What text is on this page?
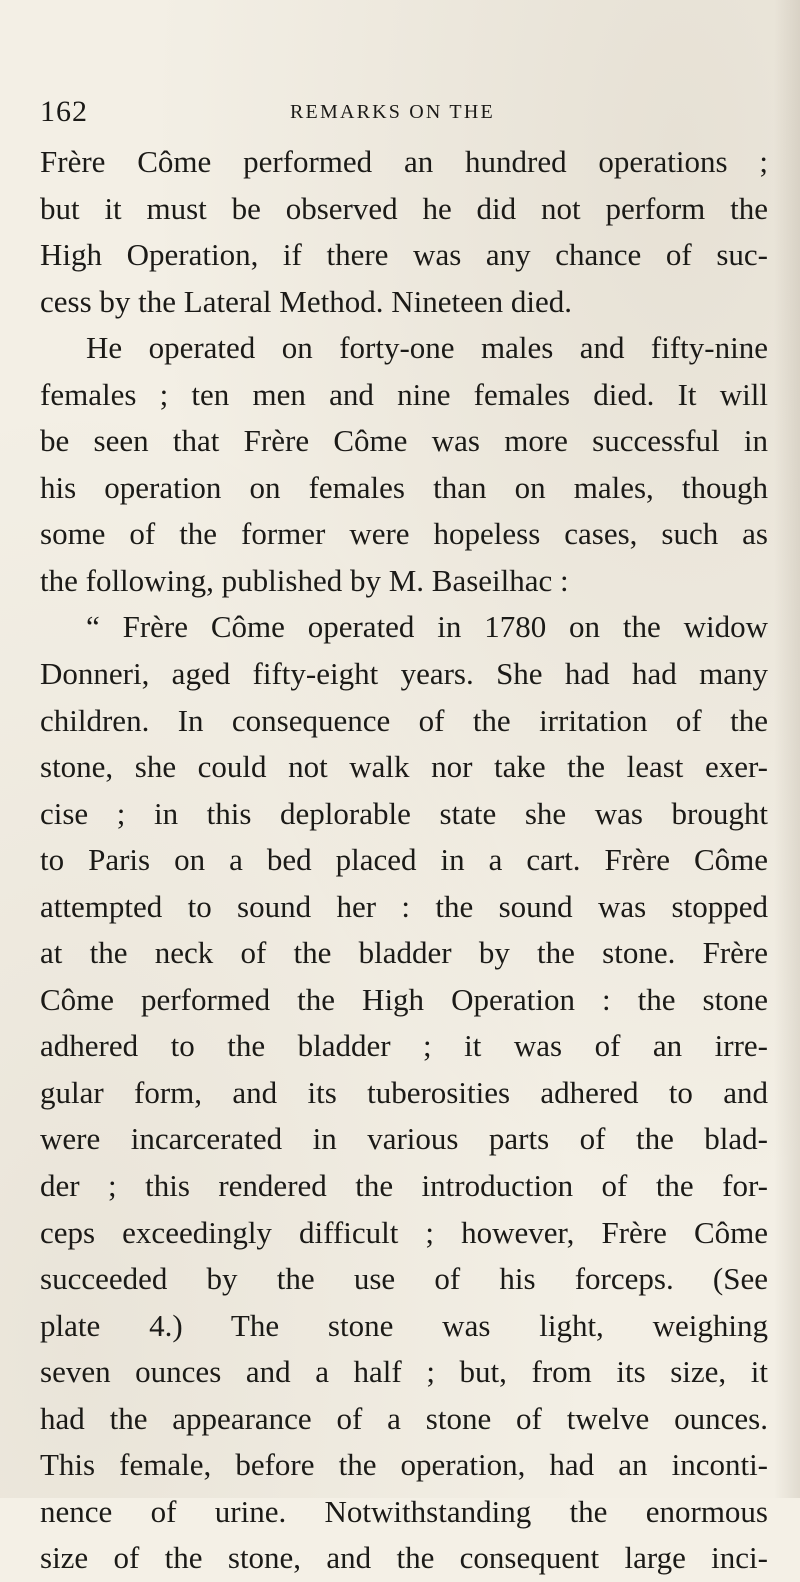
162	REMARKS ON THE
Frère Côme performed an hundred operations ;
but it must be observed he did not perform the
High Operation, if there was any chance of suc-
cess by the Lateral Method. Nineteen died.
He operated on forty-one males and fifty-nine
females ; ten men and nine females died. It will
be seen that Frère Côme was more successful in
his operation on females than on males, though
some of the former were hopeless cases, such as
the following, published by M. Baseilhac :
“ Frère Côme operated in 1780 on the widow
Donneri, aged fifty-eight years. She had had many
children. In consequence of the irritation of the
stone, she could not walk nor take the least exer-
cise ; in this deplorable state she was brought
to Paris on a bed placed in a cart. Frère Côme
attempted to sound her : the sound was stopped
at the neck of the bladder by the stone. Frère
Côme performed the High Operation : the stone
adhered to the bladder ; it was of an irre-
gular form, and its tuberosities adhered to and
were incarcerated in various parts of the blad-
der ; this rendered the introduction of the for-
ceps exceedingly difficult ; however, Frère Côme
succeeded by the use of his forceps. (See
plate 4.) The stone was light, weighing
seven ounces and a half ; but, from its size, it
had the appearance of a stone of twelve ounces.
This female, before the operation, had an inconti-
nence of urine. Notwithstanding the enormous
size of the stone, and the consequent large inci-
